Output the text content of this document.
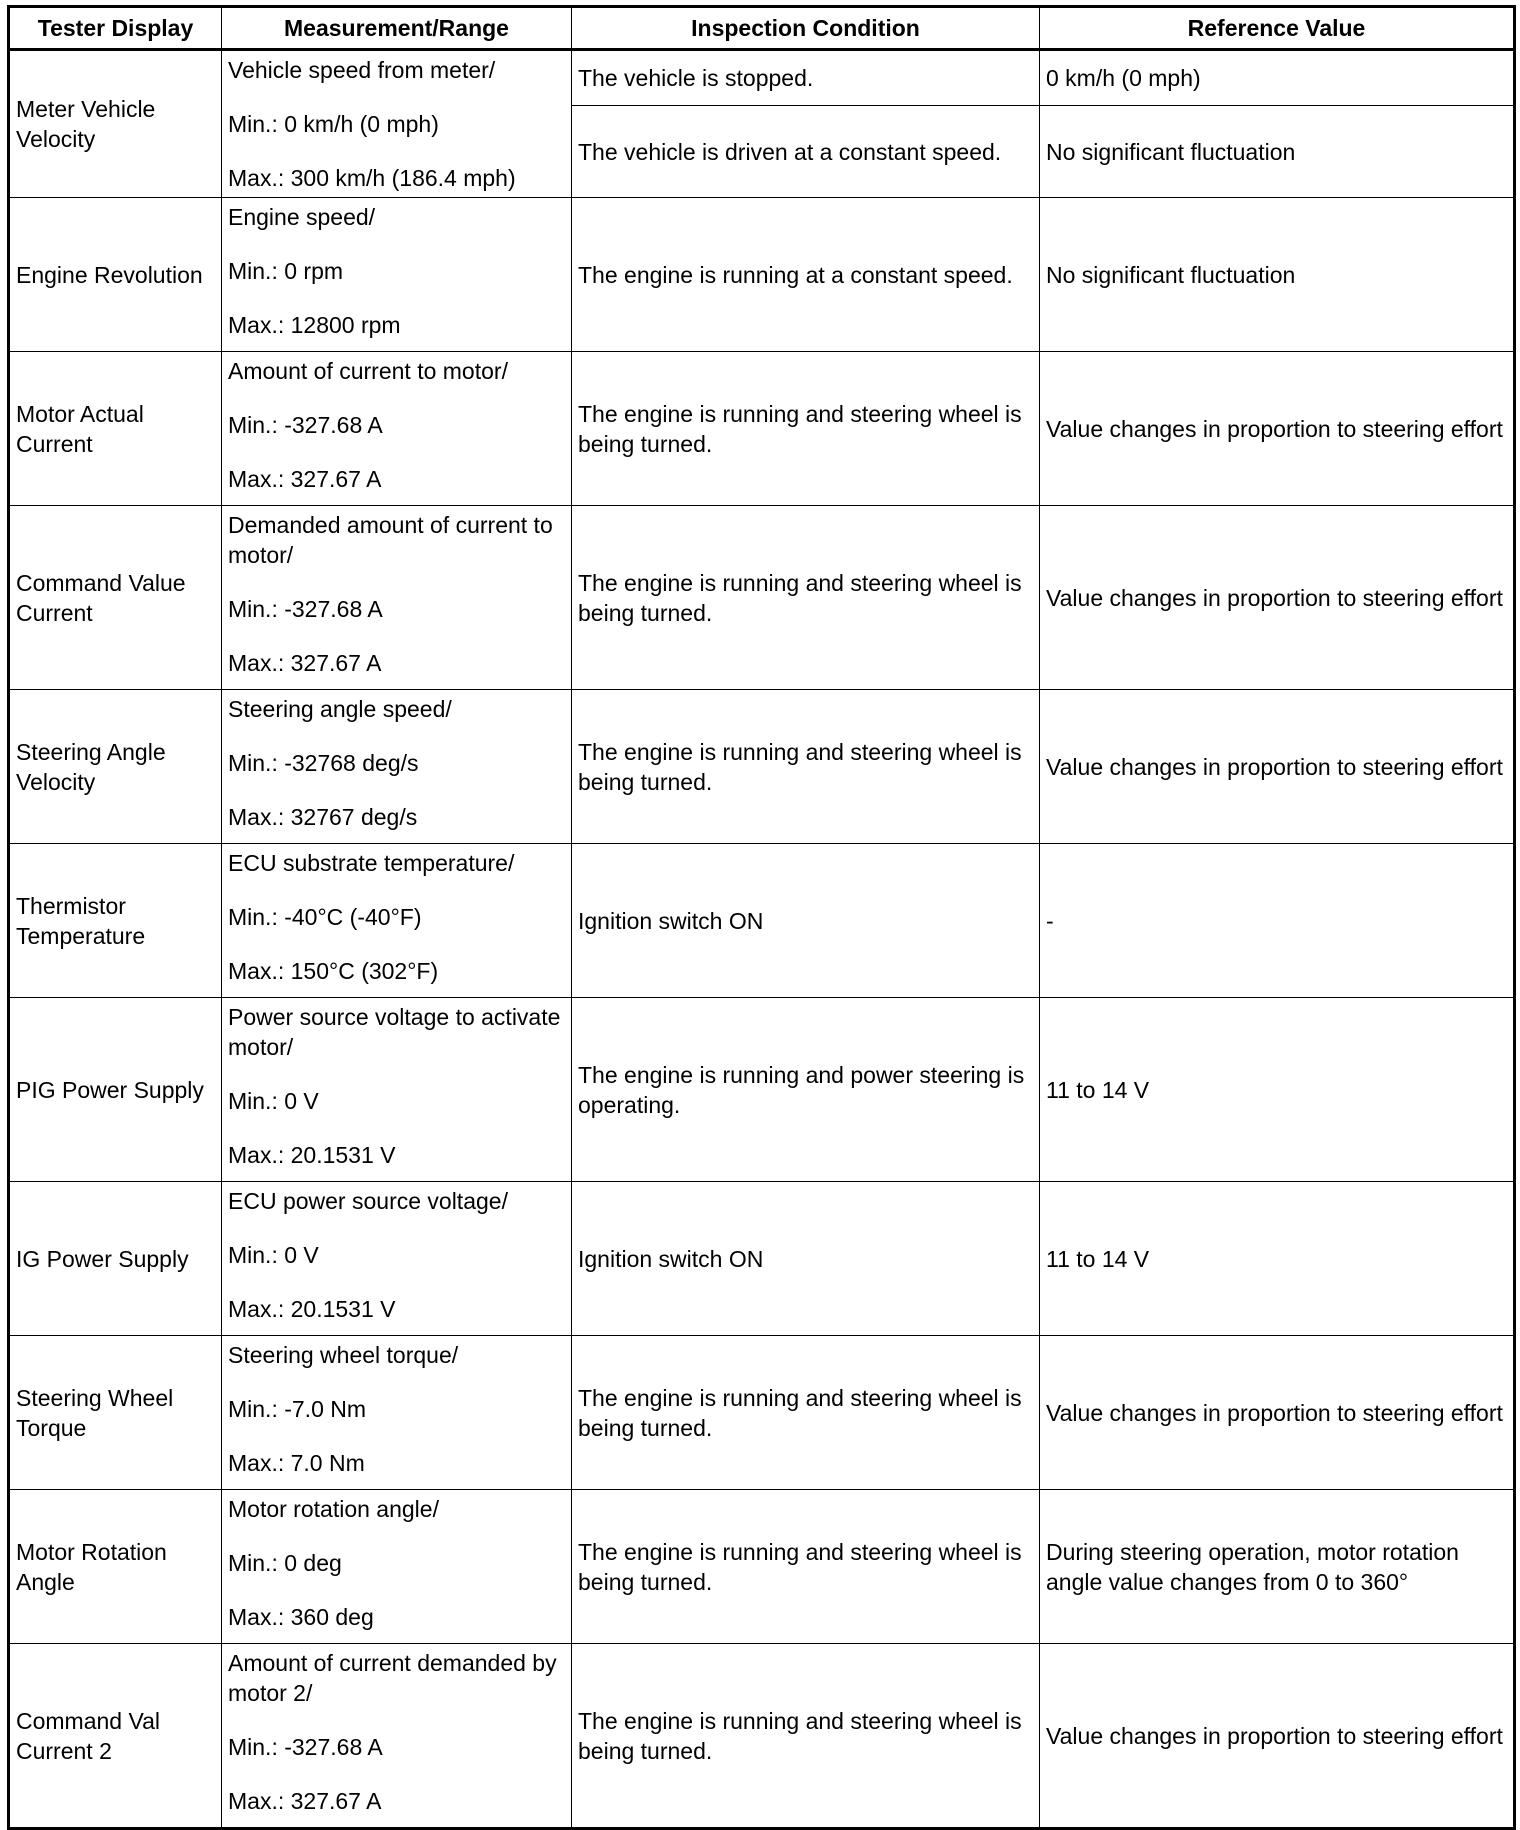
Tester Display	Measurement/Range	Inspection Condition	Reference Value
Meter Vehicle Velocity	Vehicle speed from meter/
Min.: 0 km/h (0 mph)
Max.: 300 km/h (186.4 mph)	The vehicle is stopped.	0 km/h (0 mph)
		The vehicle is driven at a constant speed.	No significant fluctuation
Engine Revolution	Engine speed/
Min.: 0 rpm
Max.: 12800 rpm	The engine is running at a constant speed.	No significant fluctuation
Motor Actual Current	Amount of current to motor/
Min.: -327.68 A
Max.: 327.67 A	The engine is running and steering wheel is being turned.	Value changes in proportion to steering effort
Command Value Current	Demanded amount of current to motor/
Min.: -327.68 A
Max.: 327.67 A	The engine is running and steering wheel is being turned.	Value changes in proportion to steering effort
Steering Angle Velocity	Steering angle speed/
Min.: -32768 deg/s
Max.: 32767 deg/s	The engine is running and steering wheel is being turned.	Value changes in proportion to steering effort
Thermistor Temperature	ECU substrate temperature/
Min.: -40°C (-40°F)
Max.: 150°C (302°F)	Ignition switch ON	-
PIG Power Supply	Power source voltage to activate motor/
Min.: 0 V
Max.: 20.1531 V	The engine is running and power steering is operating.	11 to 14 V
IG Power Supply	ECU power source voltage/
Min.: 0 V
Max.: 20.1531 V	Ignition switch ON	11 to 14 V
Steering Wheel Torque	Steering wheel torque/
Min.: -7.0 Nm
Max.: 7.0 Nm	The engine is running and steering wheel is being turned.	Value changes in proportion to steering effort
Motor Rotation Angle	Motor rotation angle/
Min.: 0 deg
Max.: 360 deg	The engine is running and steering wheel is being turned.	During steering operation, motor rotation angle value changes from 0 to 360°
Command Val Current 2	Amount of current demanded by motor 2/
Min.: -327.68 A
Max.: 327.67 A	The engine is running and steering wheel is being turned.	Value changes in proportion to steering effort
